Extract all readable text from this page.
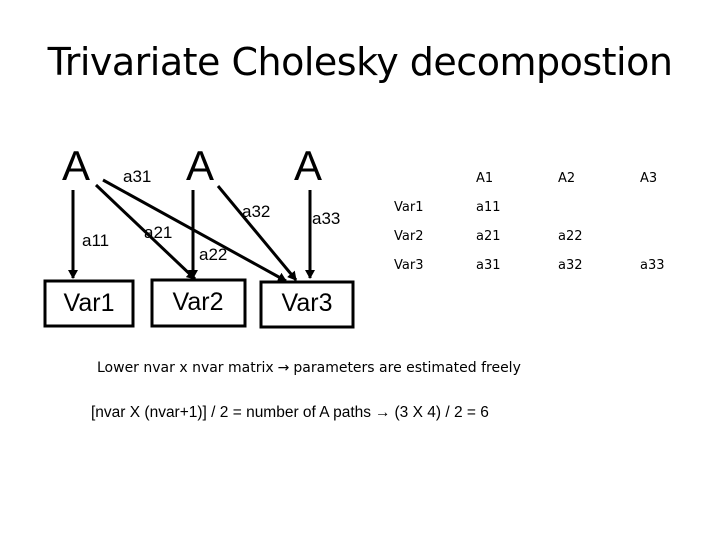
Trivariate Cholesky decompostion
A A A
a11 a21
a31
a22
a32 a33
Var1 Var2 Var3
	A1	A2	A3
Var1	a11		
Var2	a21	a22	
Var3	a31	a32	a33
Lower nvar x nvar matrix → parameters are estimated freely
[nvar X (nvar+1)] / 2 = number of A paths → (3 X 4) / 2 = 6
